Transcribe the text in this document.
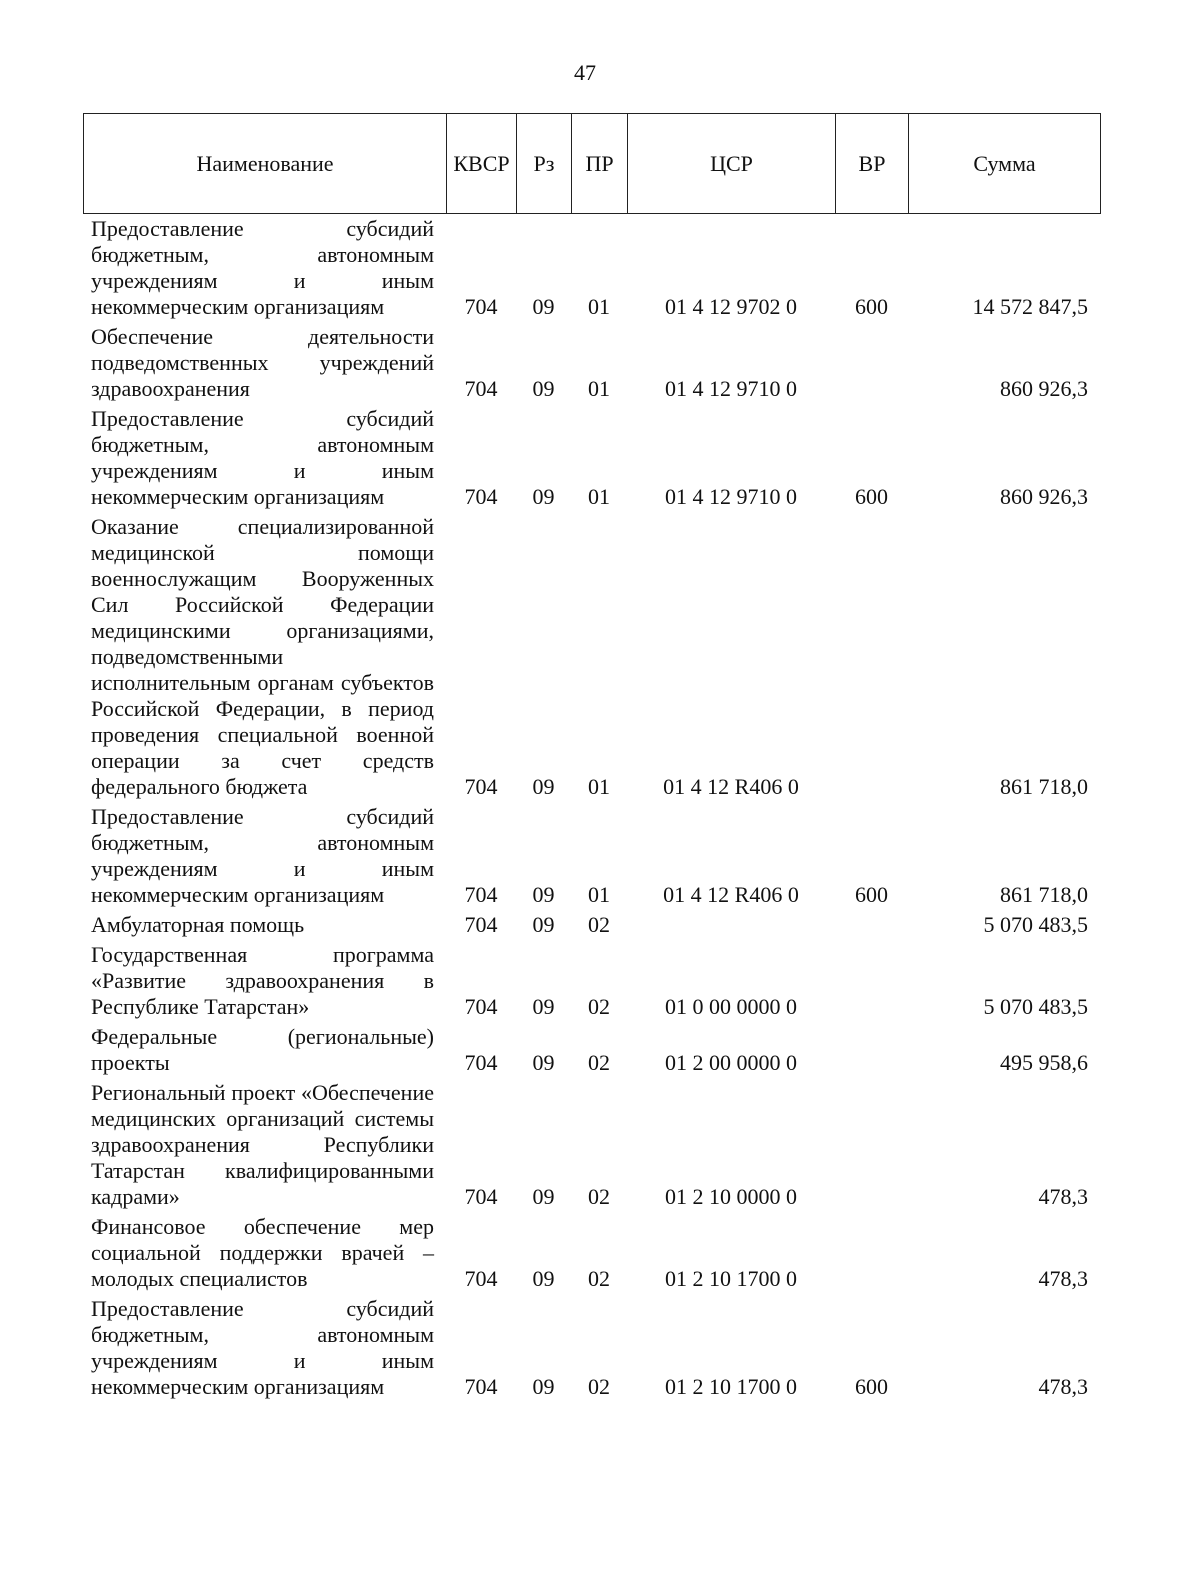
47
Наименование	КВСР	Рз	ПР	ЦСР	ВР	Сумма
Предоставление субсидий бюджетным, автономным учреждениям и иным некоммерческим организациям	704	09	01	01 4 12 9702 0	600	14 572 847,5
Обеспечение деятельности подведомственных учреждений здравоохранения	704	09	01	01 4 12 9710 0		860 926,3
Предоставление субсидий бюджетным, автономным учреждениям и иным некоммерческим организациям	704	09	01	01 4 12 9710 0	600	860 926,3
Оказание специализированной медицинской помощи военнослужащим Вооруженных Сил Российской Федерации медицинскими организациями, подведомственными исполнительным органам субъектов Российской Федерации, в период проведения специальной военной операции за счет средств федерального бюджета	704	09	01	01 4 12 R406 0		861 718,0
Предоставление субсидий бюджетным, автономным учреждениям и иным некоммерческим организациям	704	09	01	01 4 12 R406 0	600	861 718,0
Амбулаторная помощь	704	09	02			5 070 483,5
Государственная программа «Развитие здравоохранения в Республике Татарстан»	704	09	02	01 0 00 0000 0		5 070 483,5
Федеральные (региональные) проекты	704	09	02	01 2 00 0000 0		495 958,6
Региональный проект «Обеспечение медицинских организаций системы здравоохранения Республики Татарстан квалифицированными кадрами»	704	09	02	01 2 10 0000 0		478,3
Финансовое обеспечение мер социальной поддержки врачей – молодых специалистов	704	09	02	01 2 10 1700 0		478,3
Предоставление субсидий бюджетным, автономным учреждениям и иным некоммерческим организациям	704	09	02	01 2 10 1700 0	600	478,3
